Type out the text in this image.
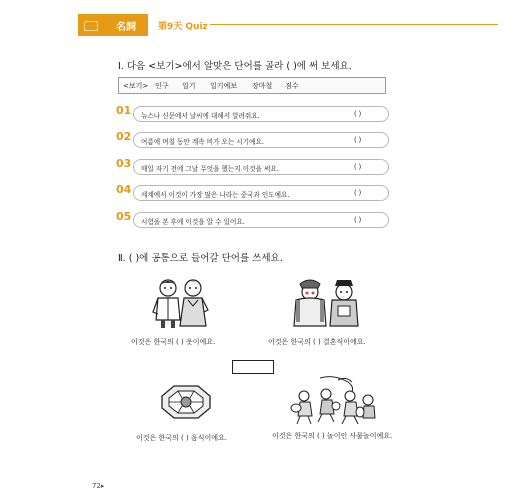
名詞 第9天 Quiz
Ⅰ. 다음 <보기>에서 알맞은 단어를 골라 ( )에 써 보세요.
<보기> 인구 일기 일기예보 장마철 점수
01 뉴스나 신문에서 날씨에 대해서 알려줘요.	( )
02 여름에 며칠 동안 계속 비가 오는 시기예요.	( )
03 매일 자기 전에 그날 무엇을 했는지 이것을 써요.	( )
04 세계에서 이것이 가장 많은 나라는 중국과 인도예요.	( )
05 시험을 본 후에 이것을 알 수 있어요.	( )
Ⅱ. ( )에 공통으로 들어갈 단어를 쓰세요.
이것은 한국의 ( ) 옷이에요.	이것은 한국의 ( ) 결혼식이에요.
이것은 한국의 ( ) 음식이에요.	이것은 한국의 ( ) 놀이인 사물놀이예요.
72▸
